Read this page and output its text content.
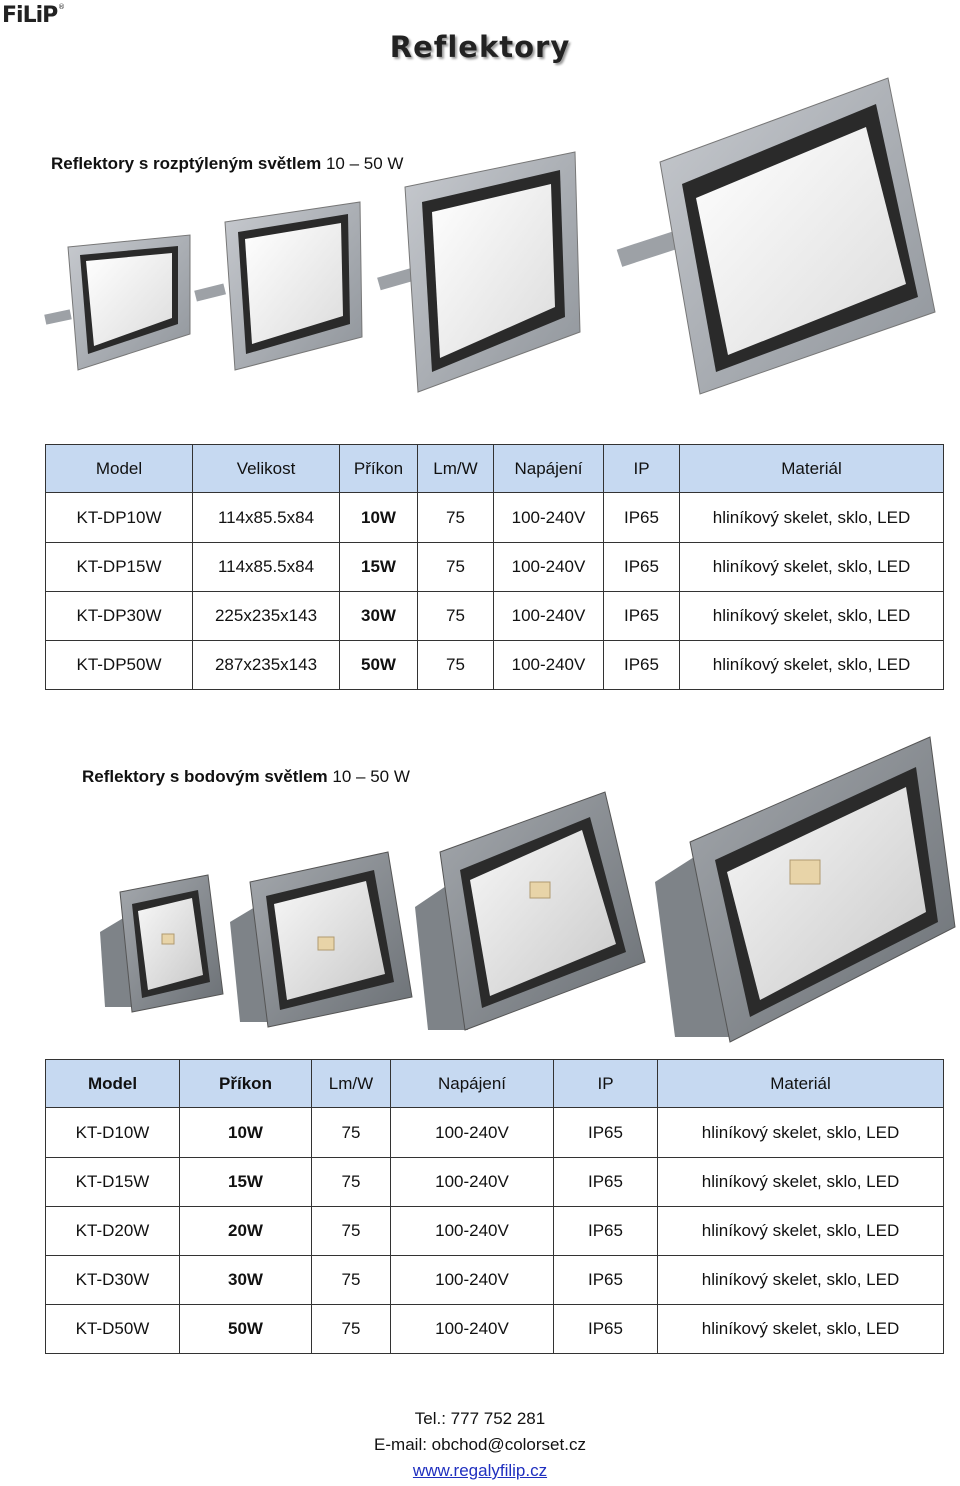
FiLiP ®
Reflektory
Reflektory s rozptýleným světlem 10 – 50 W
Model	Velikost	Příkon	Lm/W	Napájení	IP	Materiál
KT-DP10W	114x85.5x84	10W	75	100-240V	IP65	hliníkový skelet, sklo, LED
KT-DP15W	114x85.5x84	15W	75	100-240V	IP65	hliníkový skelet, sklo, LED
KT-DP30W	225x235x143	30W	75	100-240V	IP65	hliníkový skelet, sklo, LED
KT-DP50W	287x235x143	50W	75	100-240V	IP65	hliníkový skelet, sklo, LED
Reflektory s bodovým světlem 10 – 50 W
Model	Příkon	Lm/W	Napájení	IP	Materiál
KT-D10W	10W	75	100-240V	IP65	hliníkový skelet, sklo, LED
KT-D15W	15W	75	100-240V	IP65	hliníkový skelet, sklo, LED
KT-D20W	20W	75	100-240V	IP65	hliníkový skelet, sklo, LED
KT-D30W	30W	75	100-240V	IP65	hliníkový skelet, sklo, LED
KT-D50W	50W	75	100-240V	IP65	hliníkový skelet, sklo, LED
Tel.: 777 752 281
E-mail: obchod@colorset.cz
www.regalyfilip.cz
